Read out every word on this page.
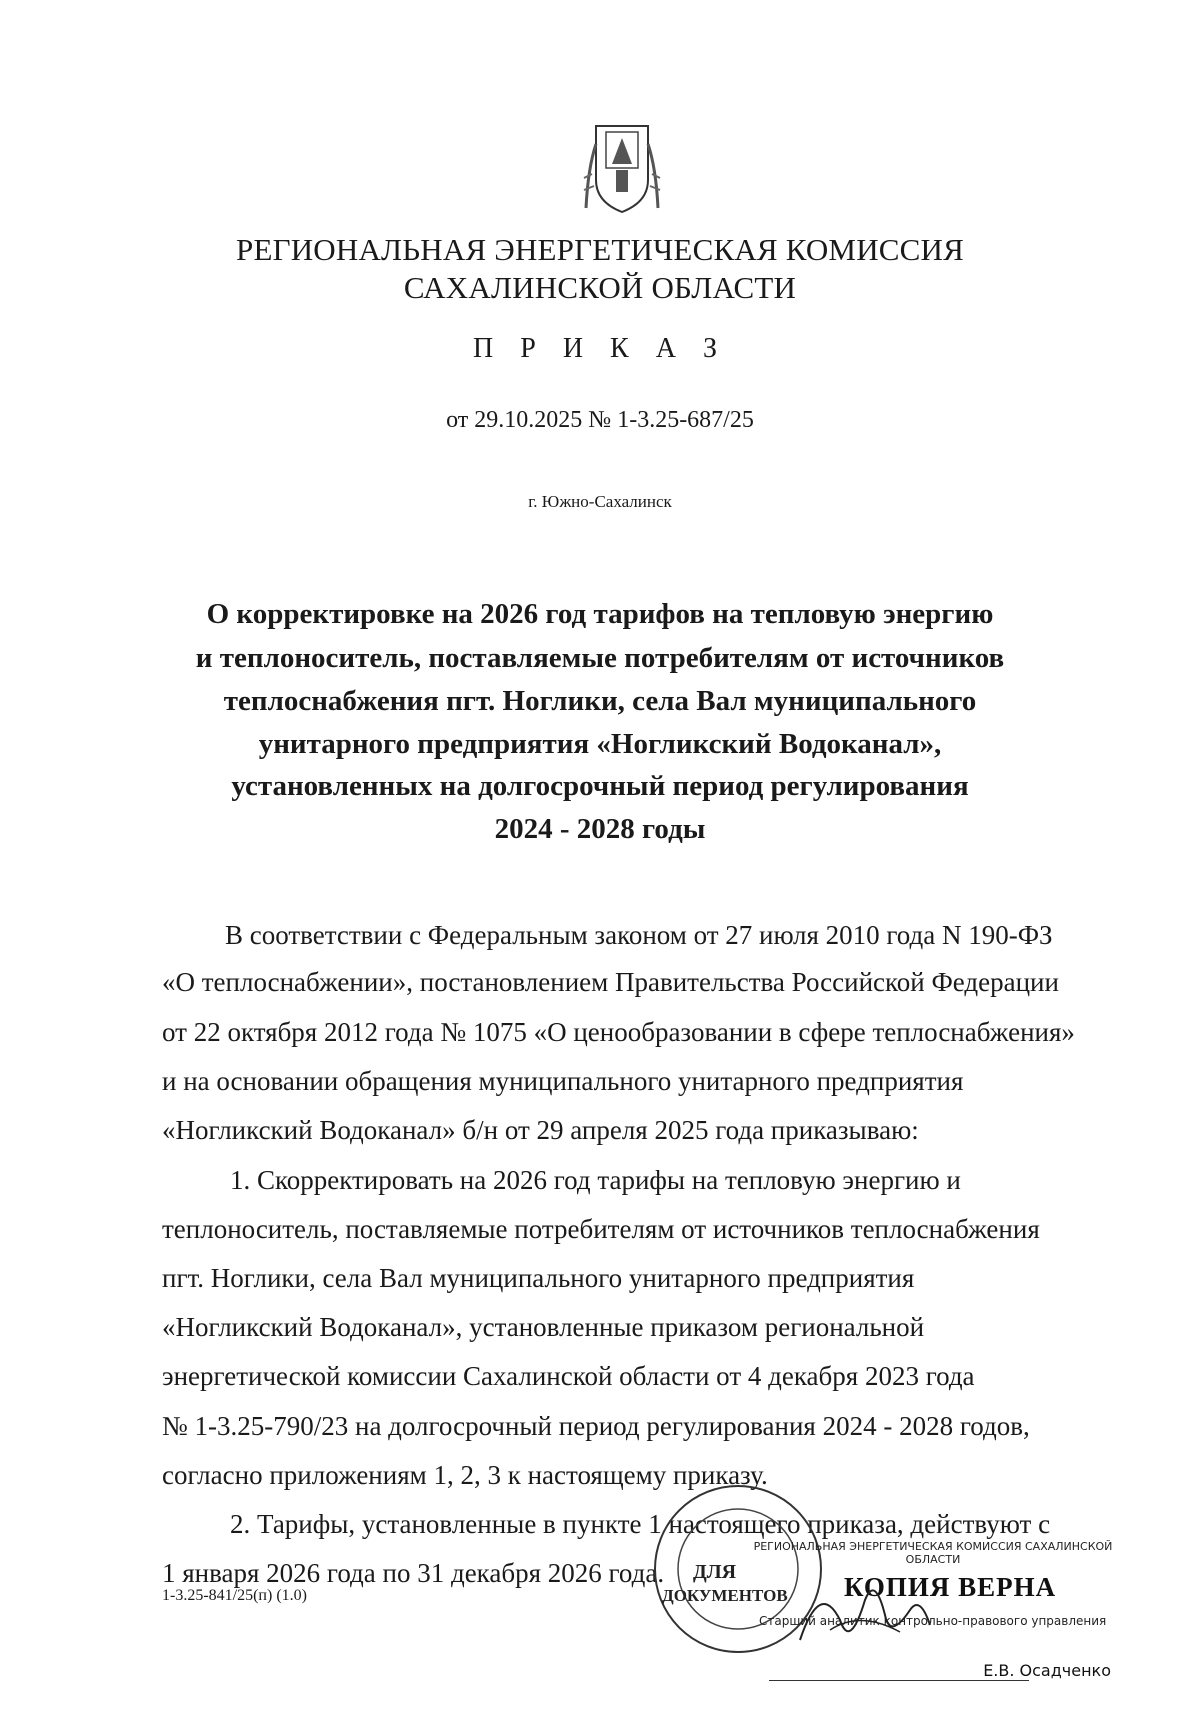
РЕГИОНАЛЬНАЯ ЭНЕРГЕТИЧЕСКАЯ КОМИССИЯ
САХАЛИНСКОЙ ОБЛАСТИ
П Р И К А З
от 29.10.2025 № 1-3.25-687/25
г. Южно-Сахалинск
О корректировке на 2026 год тарифов на тепловую энергию
и теплоноситель, поставляемые потребителям от источников
теплоснабжения пгт. Ноглики, села Вал муниципального
унитарного предприятия «Ногликский Водоканал»,
установленных на долгосрочный период регулирования
2024 - 2028 годы
В соответствии с Федеральным законом от 27 июля 2010 года N 190-ФЗ
«О теплоснабжении», постановлением Правительства Российской Федерации
от 22 октября 2012 года № 1075 «О ценообразовании в сфере теплоснабжения»
и на основании обращения муниципального унитарного предприятия
«Ногликский Водоканал» б/н от 29 апреля 2025 года приказываю:
1. Скорректировать на 2026 год тарифы на тепловую энергию и
теплоноситель, поставляемые потребителям от источников теплоснабжения
пгт. Ноглики, села Вал муниципального унитарного предприятия
«Ногликский Водоканал», установленные приказом региональной
энергетической комиссии Сахалинской области от 4 декабря 2023 года
№ 1-3.25-790/23 на долгосрочный период регулирования 2024 - 2028 годов,
согласно приложениям 1, 2, 3 к настоящему приказу.
2. Тарифы, установленные в пункте 1 настоящего приказа, действуют с
1 января 2026 года по 31 декабря 2026 года.
1-3.25-841/25(п) (1.0)
ДЛЯ
ДОКУМЕНТОВ
РЕГИОНАЛЬНАЯ ЭНЕРГЕТИЧЕСКАЯ КОМИССИЯ САХАЛИНСКОЙ ОБЛАСТИ
КОПИЯ ВЕРНА
Старший аналитик контрольно-правового управления
Е.В. Осадченко
